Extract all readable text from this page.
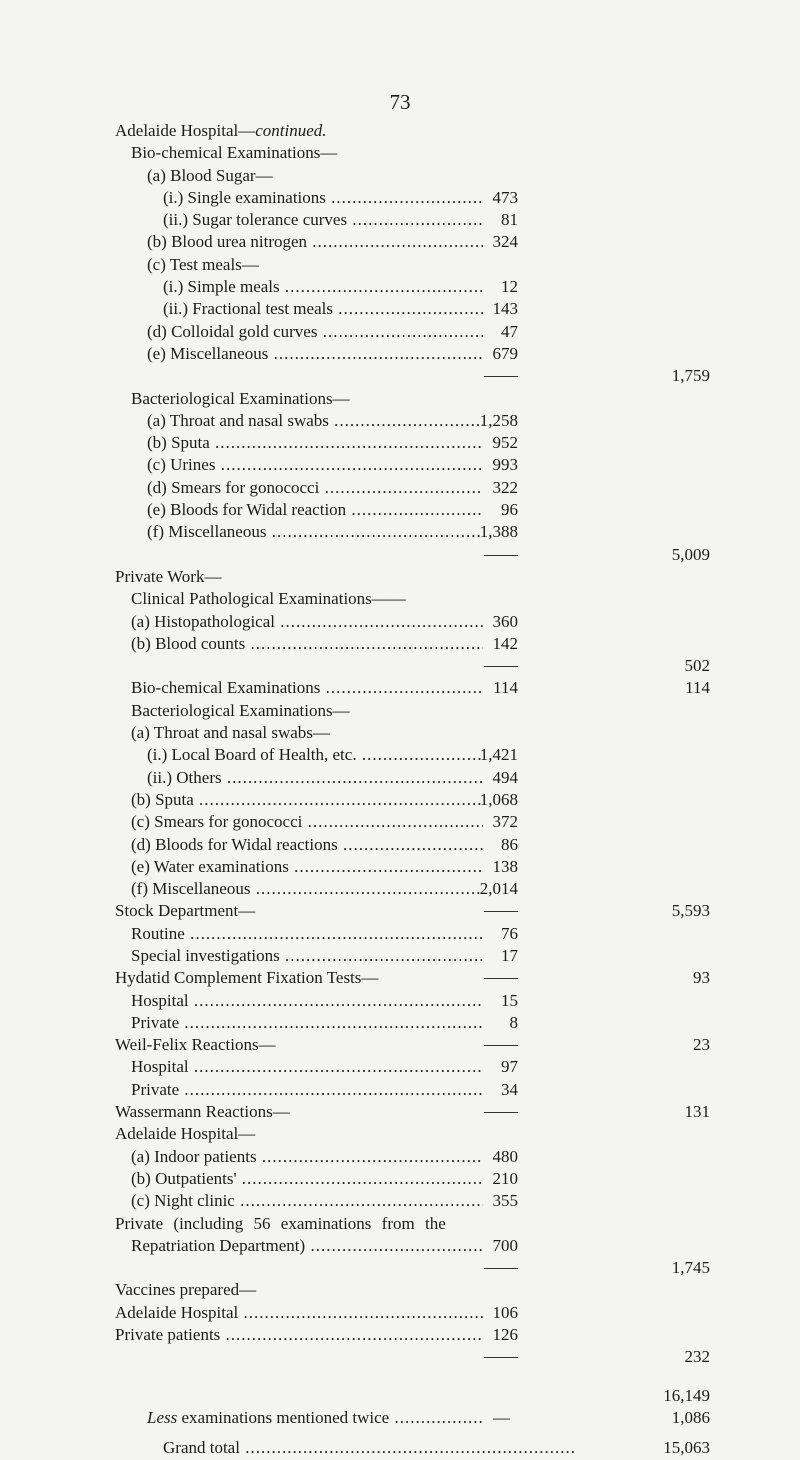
73
Adelaide Hospital—continued.
Bio-chemical Examinations—
(a) Blood Sugar—
(i.) Single examinations .....	473
(ii.) Sugar tolerance curves .....	81
(b) Blood urea nitrogen .....	324
(c) Test meals—
(i.) Simple meals .....	12
(ii.) Fractional test meals .....	143
(d) Colloidal gold curves .....	47
(e) Miscellaneous .....	679
1,759
Bacteriological Examinations—
(a) Throat and nasal swabs .....	1,258
(b) Sputa .....	952
(c) Urines .....	993
(d) Smears for gonococci .....	322
(e) Bloods for Widal reaction .....	96
(f) Miscellaneous .....	1,388
5,009
Private Work—
Clinical Pathological Examinations——
(a) Histopathological .....	360
(b) Blood counts .....	142
502
Bio-chemical Examinations .....	114	114
Bacteriological Examinations—
(a) Throat and nasal swabs—
(i.) Local Board of Health, etc. .....	1,421
(ii.) Others .....	494
(b) Sputa .....	1,068
(c) Smears for gonococci .....	372
(d) Bloods for Widal reactions .....	86
(e) Water examinations .....	138
(f) Miscellaneous .....	2,014
Stock Department—	5,593
Routine .....	76
Special investigations .....	17
Hydatid Complement Fixation Tests—	93
Hospital .....	15
Private .....	8
Weil-Felix Reactions—	23
Hospital .....	97
Private .....	34
Wassermann Reactions—	131
Adelaide Hospital—
(a) Indoor patients .....	480
(b) Outpatients' .....	210
(c) Night clinic .....	355
Private (including 56 examinations from the
Repatriation Department) .....	700
1,745
Vaccines prepared—
Adelaide Hospital .....	106
Private patients .....	126
232
16,149
Less examinations mentioned twice .....	—	1,086
Grand total .....	15,063
